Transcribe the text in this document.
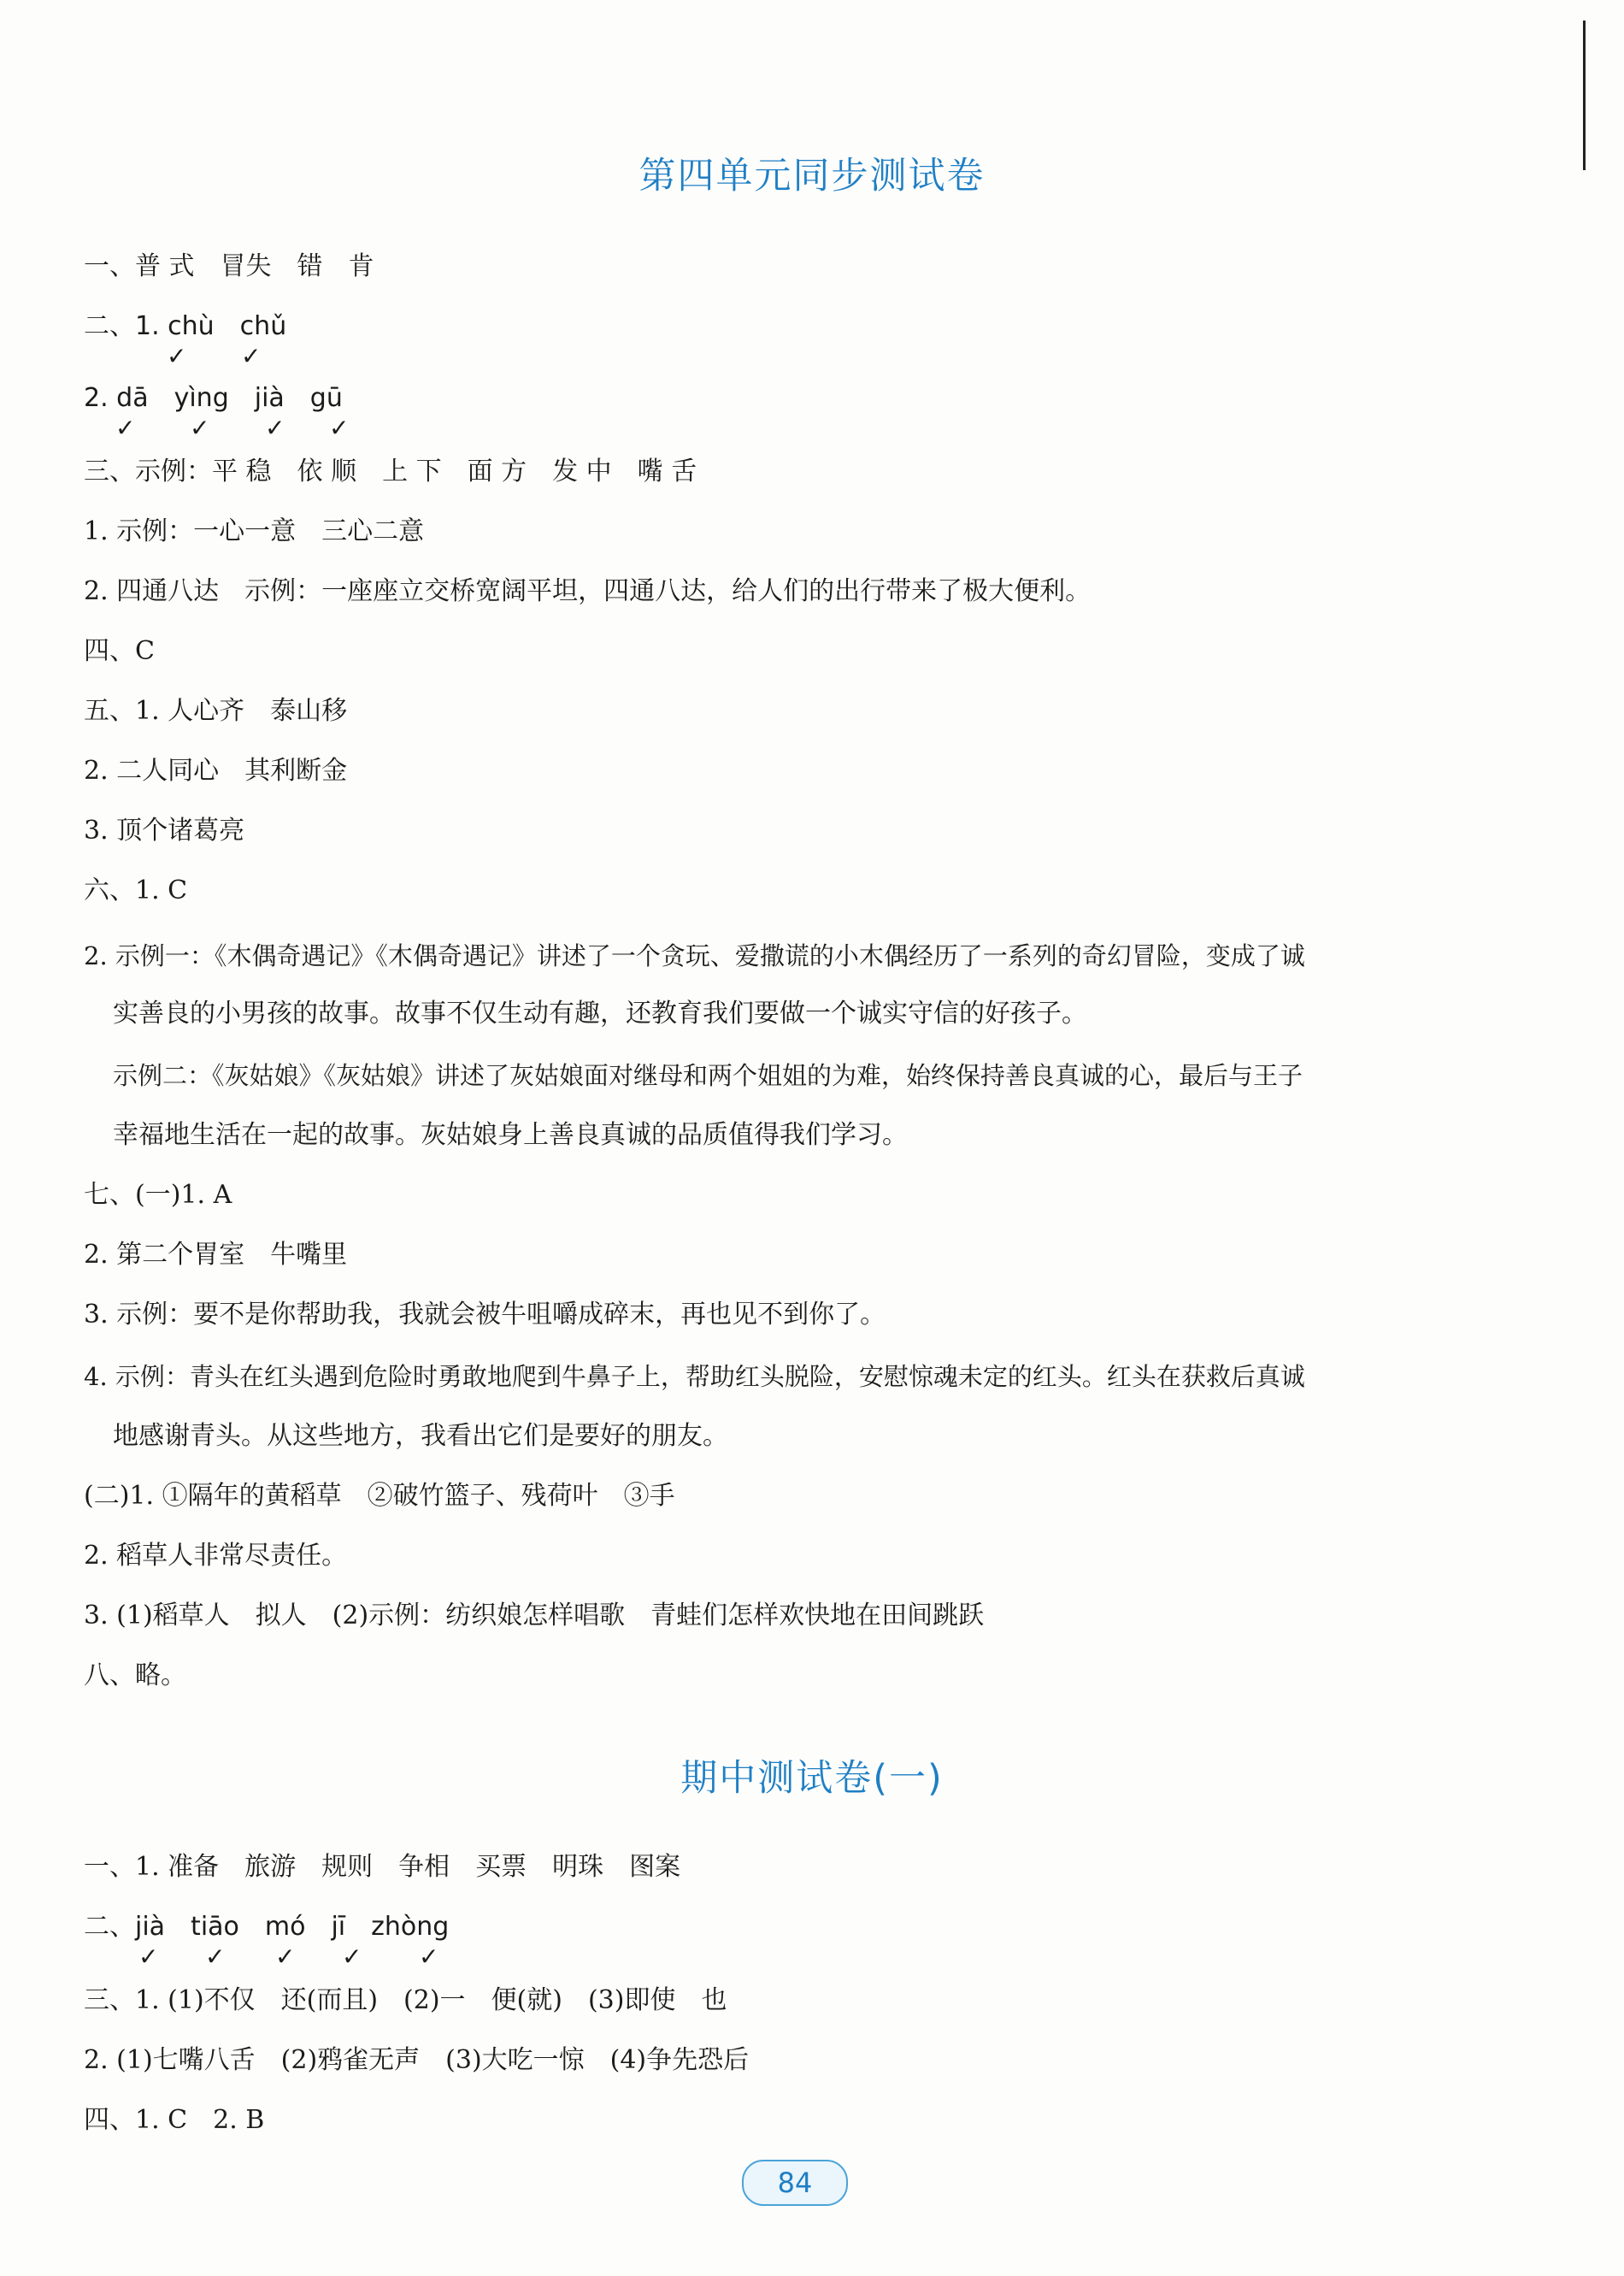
第四单元同步测试卷
一、普 式　冒失　错　肯
二、1. chù　chǔ
✓ ✓
2. dā　yìng　jià　gū
✓ ✓ ✓ ✓
三、示例：平 稳　依 顺　上 下　面 方　发 中　嘴 舌
1. 示例：一心一意　三心二意
2. 四通八达　示例：一座座立交桥宽阔平坦，四通八达，给人们的出行带来了极大便利。
四、C
五、1. 人心齐　泰山移
2. 二人同心　其利断金
3. 顶个诸葛亮
六、1. C
2. 示例一：《木偶奇遇记》《木偶奇遇记》讲述了一个贪玩、爱撒谎的小木偶经历了一系列的奇幻冒险，变成了诚
实善良的小男孩的故事。故事不仅生动有趣，还教育我们要做一个诚实守信的好孩子。
示例二：《灰姑娘》《灰姑娘》讲述了灰姑娘面对继母和两个姐姐的为难，始终保持善良真诚的心，最后与王子
幸福地生活在一起的故事。灰姑娘身上善良真诚的品质值得我们学习。
七、(一)1. A
2. 第二个胃室　牛嘴里
3. 示例：要不是你帮助我，我就会被牛咀嚼成碎末，再也见不到你了。
4. 示例：青头在红头遇到危险时勇敢地爬到牛鼻子上，帮助红头脱险，安慰惊魂未定的红头。红头在获救后真诚
地感谢青头。从这些地方，我看出它们是要好的朋友。
(二)1. ①隔年的黄稻草　②破竹篮子、残荷叶　③手
2. 稻草人非常尽责任。
3. (1)稻草人　拟人　(2)示例：纺织娘怎样唱歌　青蛙们怎样欢快地在田间跳跃
八、略。
期中测试卷(一)
一、1. 准备　旅游　规则　争相　买票　明珠　图案
二、jià　tiāo　mó　jī　zhòng
✓ ✓ ✓ ✓ ✓
三、1. (1)不仅　还(而且)　(2)一　便(就)　(3)即使　也
2. (1)七嘴八舌　(2)鸦雀无声　(3)大吃一惊　(4)争先恐后
四、1. C　2. B
84
